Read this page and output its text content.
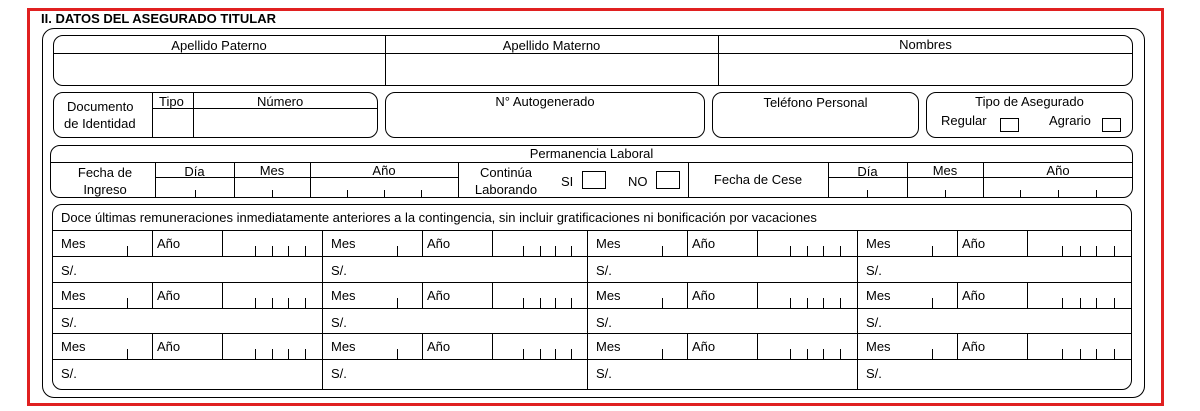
II. DATOS DEL ASEGURADO TITULAR
Apellido Paterno	Apellido Materno	Nombres
Documento
de Identidad
Tipo	Número	N° Autogenerado	Teléfono Personal	Tipo de Asegurado
Regular	Agrario
Permanencia Laboral
Fecha de
Ingreso
Día	Mes	Año	Continúa
Laborando
SI	NO	Fecha de Cese
Día	Mes	Año
Doce últimas remuneraciones inmediatamente anteriores a la contingencia, sin incluir gratificaciones ni bonificación por vacaciones
Mes	Año
S/.
Mes	Año
S/.
Mes	Año
S/.
Mes	Año
S/.
Mes	Año
S/.
Mes	Año
S/.
Mes	Año
S/.
Mes	Año
S/.
Mes	Año
S/.
Mes	Año
S/.
Mes	Año
S/.
Mes	Año
S/.
